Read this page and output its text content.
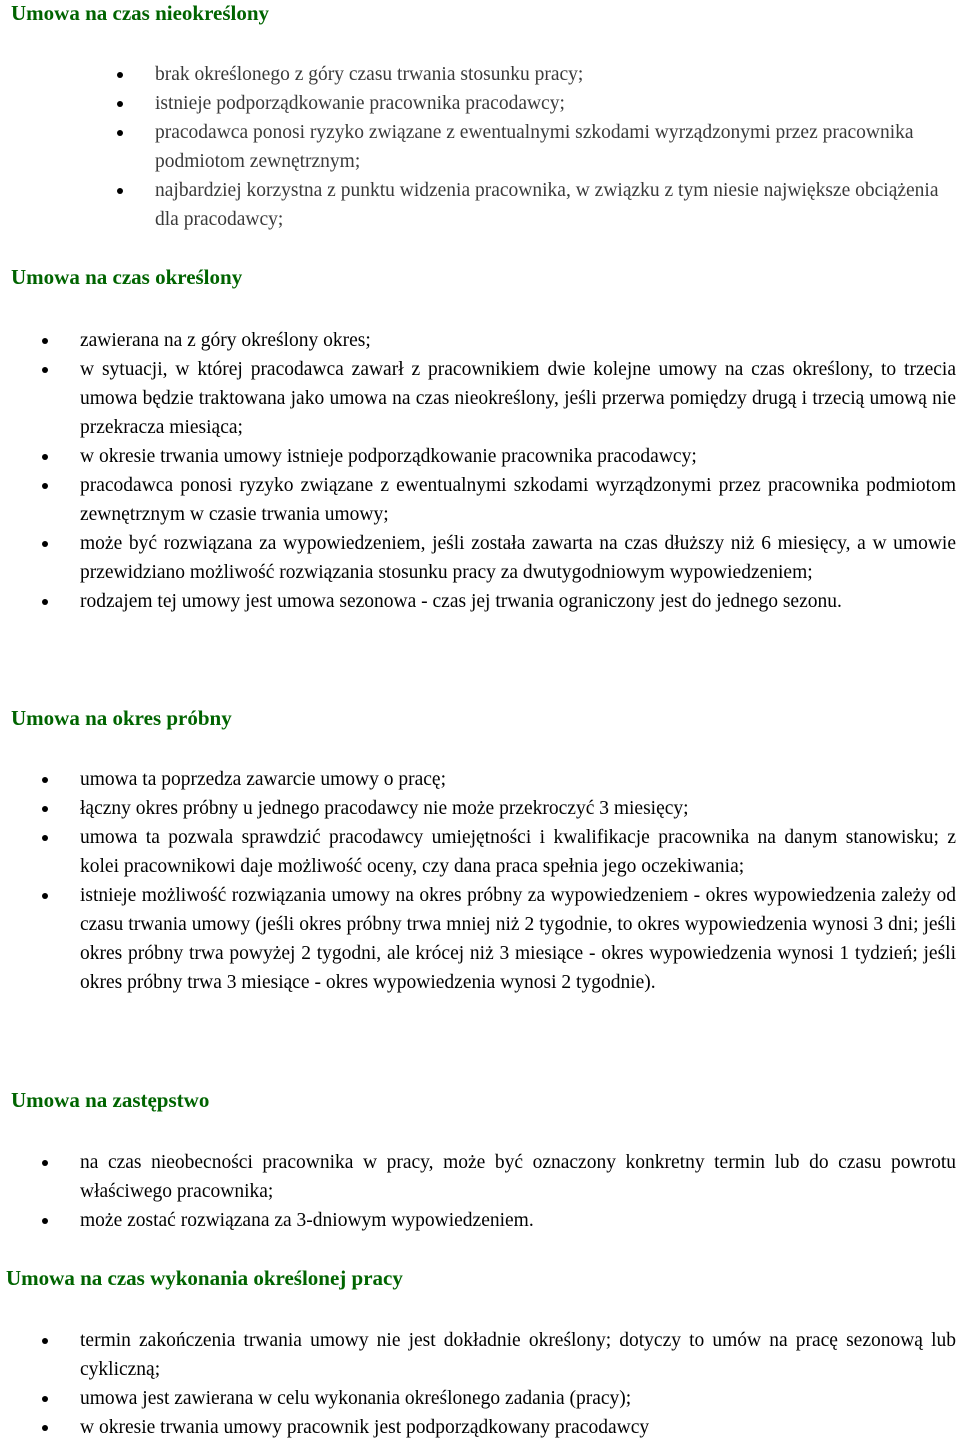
Umowa na czas nieokreślony
brak określonego z góry czasu trwania stosunku pracy;
istnieje podporządkowanie pracownika pracodawcy;
pracodawca ponosi ryzyko związane z ewentualnymi szkodami wyrządzonymi przez pracownika podmiotom zewnętrznym;
najbardziej korzystna z punktu widzenia pracownika, w związku z tym niesie największe obciążenia dla pracodawcy;
Umowa na czas określony
zawierana na z góry określony okres;
w sytuacji, w której pracodawca zawarł z pracownikiem dwie kolejne umowy na czas określony, to trzecia umowa będzie traktowana jako umowa na czas nieokreślony, jeśli przerwa pomiędzy drugą i trzecią umową nie przekracza miesiąca;
w okresie trwania umowy istnieje podporządkowanie pracownika pracodawcy;
pracodawca ponosi ryzyko związane z ewentualnymi szkodami wyrządzonymi przez pracownika podmiotom zewnętrznym w czasie trwania umowy;
może być rozwiązana za wypowiedzeniem, jeśli została zawarta na czas dłuższy niż 6 miesięcy, a w umowie przewidziano możliwość rozwiązania stosunku pracy za dwutygodniowym wypowiedzeniem;
rodzajem tej umowy jest umowa sezonowa - czas jej trwania ograniczony jest do jednego sezonu.
Umowa na okres próbny
umowa ta poprzedza zawarcie umowy o pracę;
łączny okres próbny u jednego pracodawcy nie może przekroczyć 3 miesięcy;
umowa ta pozwala sprawdzić pracodawcy umiejętności i kwalifikacje pracownika na danym stanowisku; z kolei pracownikowi daje możliwość oceny, czy dana praca spełnia jego oczekiwania;
istnieje możliwość rozwiązania umowy na okres próbny za wypowiedzeniem - okres wypowiedzenia zależy od czasu trwania umowy (jeśli okres próbny trwa mniej niż 2 tygodnie, to okres wypowiedzenia wynosi 3 dni; jeśli okres próbny trwa powyżej 2 tygodni, ale krócej niż 3 miesiące - okres wypowiedzenia wynosi 1 tydzień; jeśli okres próbny trwa 3 miesiące - okres wypowiedzenia wynosi 2 tygodnie).
Umowa na zastępstwo
na czas nieobecności pracownika w pracy, może być oznaczony konkretny termin lub do czasu powrotu właściwego pracownika;
może zostać rozwiązana za 3-dniowym wypowiedzeniem.
Umowa na czas wykonania określonej pracy
termin zakończenia trwania umowy nie jest dokładnie określony; dotyczy to umów na pracę sezonową lub cykliczną;
umowa jest zawierana w celu wykonania określonego zadania (pracy);
w okresie trwania umowy pracownik jest podporządkowany pracodawcy
